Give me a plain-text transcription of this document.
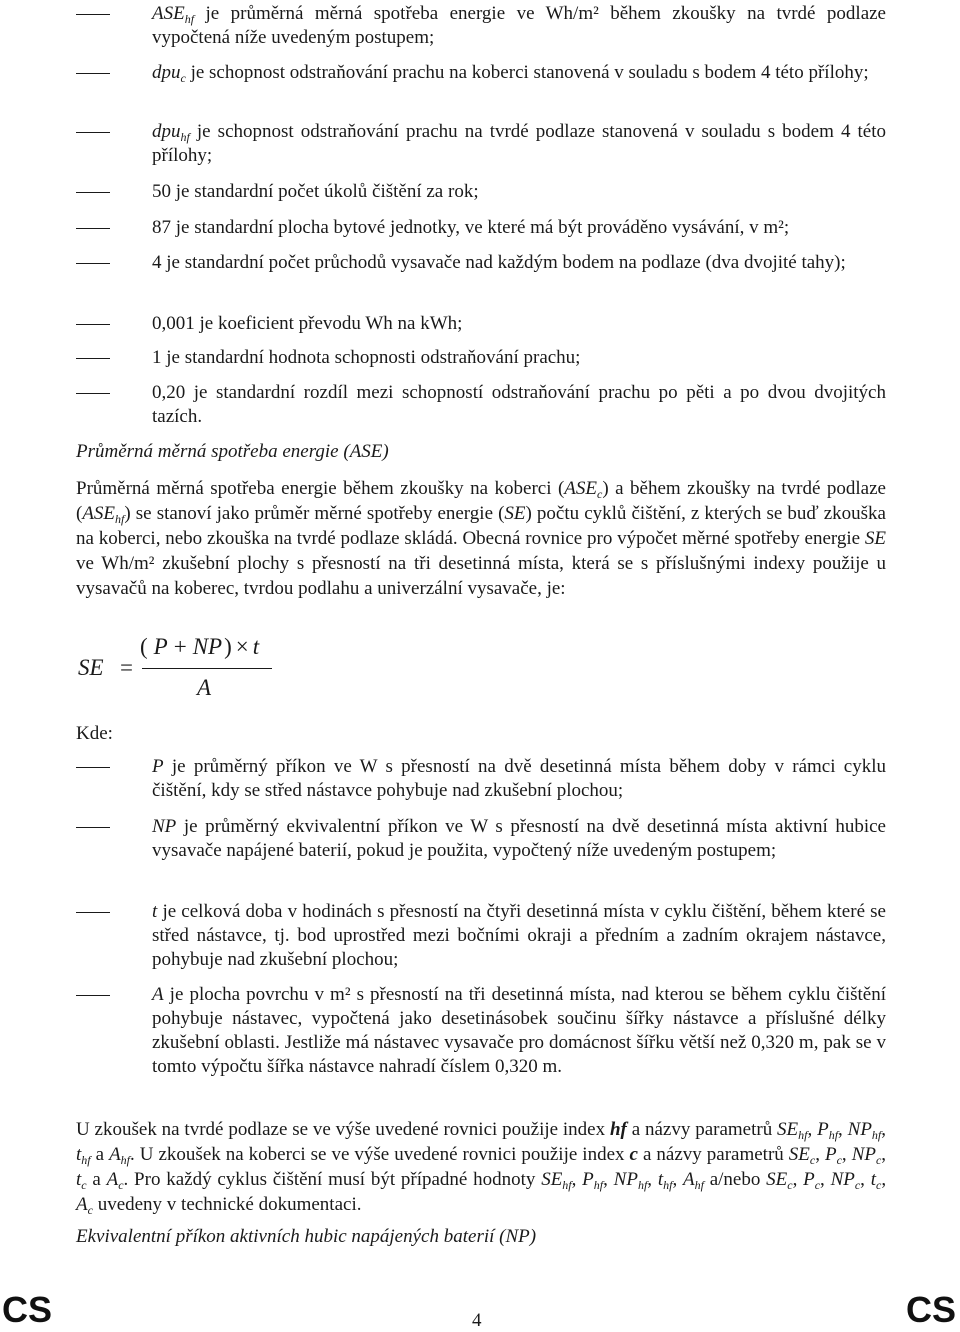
$ASE_{hf}$ je průměrná měrná spotřeba energie ve Wh/m² během zkoušky na tvrdé podlaze vypočtená níže uvedeným postupem;
dpu$_c$ je schopnost odstraňování prachu na koberci stanovená v souladu s bodem 4 této přílohy;
dpu$_{hf}$ je schopnost odstraňování prachu na tvrdé podlaze stanovená v souladu s bodem 4 této přílohy;
50 je standardní počet úkolů čištění za rok;
87 je standardní plocha bytové jednotky, ve které má být prováděno vysávání, v m²;
4 je standardní počet průchodů vysavače nad každým bodem na podlaze (dva dvojité tahy);
0,001 je koeficient převodu Wh na kWh;
1 je standardní hodnota schopnosti odstraňování prachu;
0,20 je standardní rozdíl mezi schopností odstraňování prachu po pěti a po dvou dvojitých tazích.
Průměrná měrná spotřeba energie (ASE)
Průměrná měrná spotřeba energie během zkoušky na koberci $(ASE_c)$ a během zkoušky na tvrdé podlaze $(ASE_{hf})$ se stanoví jako průměr měrné spotřeby energie (SE) počtu cyklů čištění, z kterých se buď zkouška na koberci, nebo zkouška na tvrdé podlaze skládá. Obecná rovnice pro výpočet měrné spotřeby energie SE ve Wh/m² zkušební plochy s přesností na tři desetinná místa, která se s příslušnými indexy použije u vysavačů na koberec, tvrdou podlahu a univerzální vysavače, je:
SE =
( P + NP) × t
A
Kde:
P je průměrný příkon ve W s přesností na dvě desetinná místa během doby v rámci cyklu čištění, kdy se střed nástavce pohybuje nad zkušební plochou;
NP je průměrný ekvivalentní příkon ve W s přesností na dvě desetinná místa aktivní hubice vysavače napájené baterií, pokud je použita, vypočtený níže uvedeným postupem;
t je celková doba v hodinách s přesností na čtyři desetinná místa v cyklu čištění, během které se střed nástavce, tj. bod uprostřed mezi bočními okraji a předním a zadním okrajem nástavce, pohybuje nad zkušební plochou;
A je plocha povrchu v m² s přesností na tři desetinná místa, nad kterou se během cyklu čištění pohybuje nástavec, vypočtená jako desetinásobek součinu šířky nástavce a příslušné délky zkušební oblasti. Jestliže má nástavec vysavače pro domácnost šířku větší než 0,320 m, pak se v tomto výpočtu šířka nástavce nahradí číslem 0,320 m.
U zkoušek na tvrdé podlaze se ve výše uvedené rovnici použije index hf a názvy parametrů $SE_{hf}$, $P_{hf}$, $NP_{hf}$, $t_{hf}$ a $A_{hf}$. U zkoušek na koberci se ve výše uvedené rovnici použije index c a názvy parametrů $SE_c$, $P_c$, $NP_c$, $t_c$ a $A_c$. Pro každý cyklus čištění musí být případné hodnoty $SE_{hf}$, $P_{hf}$, $NP_{hf}$, $t_{hf}$, $A_{hf}$ a/nebo $SE_c$, $P_c$, $NP_c$, $t_c$, $A_c$ uvedeny v technické dokumentaci.
Ekvivalentní příkon aktivních hubic napájených baterií (NP)
CS	CS
4
